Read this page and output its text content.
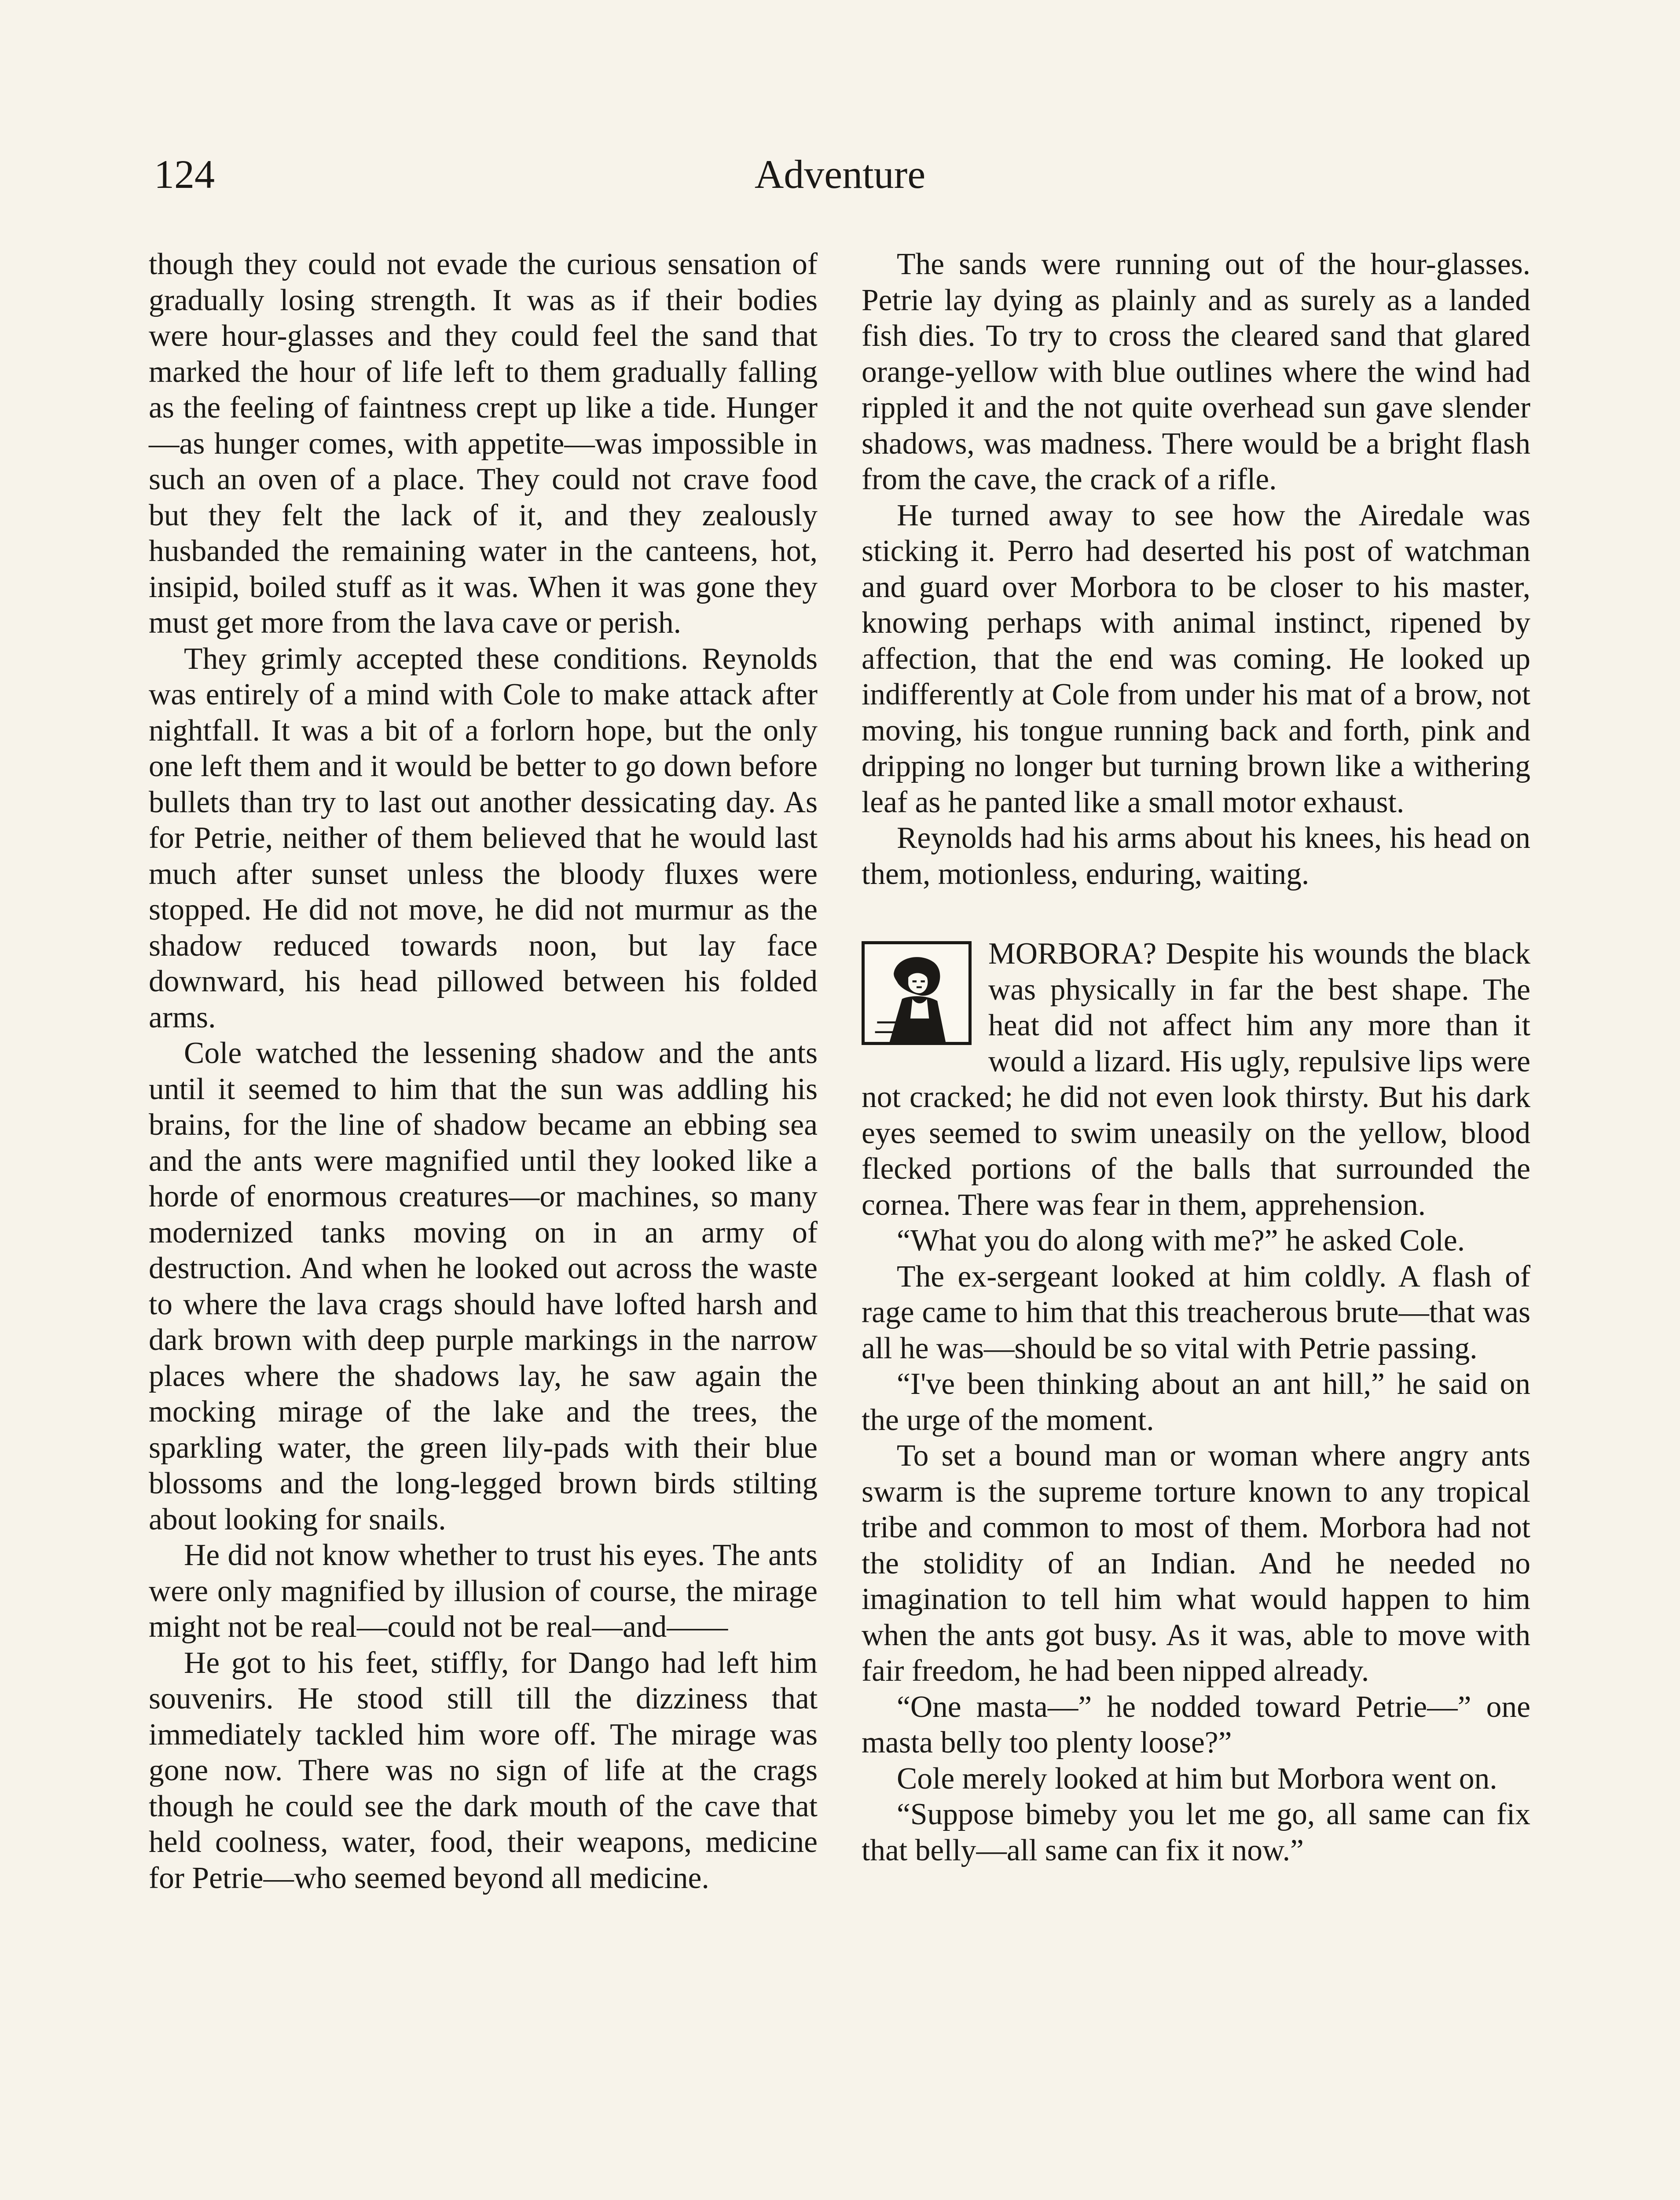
124	Adventure

though they could not evade the curious sensation of gradually losing strength. It was as if their bodies were hour-glasses and they could feel the sand that marked the hour of life left to them gradually falling as the feeling of faintness crept up like a tide. Hunger—as hunger comes, with appetite—was impossible in such an oven of a place. They could not crave food but they felt the lack of it, and they zealously husbanded the remaining water in the canteens, hot, insipid, boiled stuff as it was. When it was gone they must get more from the lava cave or perish.

They grimly accepted these conditions. Reynolds was entirely of a mind with Cole to make attack after nightfall. It was a bit of a forlorn hope, but the only one left them and it would be better to go down before bullets than try to last out another dessicating day. As for Petrie, neither of them believed that he would last much after sunset unless the bloody fluxes were stopped. He did not move, he did not murmur as the shadow reduced towards noon, but lay face downward, his head pillowed between his folded arms.

Cole watched the lessening shadow and the ants until it seemed to him that the sun was addling his brains, for the line of shadow became an ebbing sea and the ants were magnified until they looked like a horde of enormous creatures—or machines, so many modernized tanks moving on in an army of destruction. And when he looked out across the waste to where the lava crags should have lofted harsh and dark brown with deep purple markings in the narrow places where the shadows lay, he saw again the mocking mirage of the lake and the trees, the sparkling water, the green lily-pads with their blue blossoms and the long-legged brown birds stilting about looking for snails.

He did not know whether to trust his eyes. The ants were only magnified by illusion of course, the mirage might not be real—could not be real—and——

He got to his feet, stiffly, for Dango had left him souvenirs. He stood still till the dizziness that immediately tackled him wore off. The mirage was gone now. There was no sign of life at the crags though he could see the dark mouth of the cave that held coolness, water, food, their weapons, medicine for Petrie—who seemed beyond all medicine.

The sands were running out of the hour-glasses. Petrie lay dying as plainly and as surely as a landed fish dies. To try to cross the cleared sand that glared orange-yellow with blue outlines where the wind had rippled it and the not quite overhead sun gave slender shadows, was madness. There would be a bright flash from the cave, the crack of a rifle.

He turned away to see how the Airedale was sticking it. Perro had deserted his post of watchman and guard over Morbora to be closer to his master, knowing perhaps with animal instinct, ripened by affection, that the end was coming. He looked up indifferently at Cole from under his mat of a brow, not moving, his tongue running back and forth, pink and dripping no longer but turning brown like a withering leaf as he panted like a small motor exhaust.

Reynolds had his arms about his knees, his head on them, motionless, enduring, waiting.

MORBORA? Despite his wounds the black was physically in far the best shape. The heat did not affect him any more than it would a lizard. His ugly, repulsive lips were not cracked; he did not even look thirsty. But his dark eyes seemed to swim uneasily on the yellow, blood flecked portions of the balls that surrounded the cornea. There was fear in them, apprehension.

“What you do along with me?” he asked Cole.

The ex-sergeant looked at him coldly. A flash of rage came to him that this treacherous brute—that was all he was—should be so vital with Petrie passing.

“I've been thinking about an ant hill,” he said on the urge of the moment.

To set a bound man or woman where angry ants swarm is the supreme torture known to any tropical tribe and common to most of them. Morbora had not the stolidity of an Indian. And he needed no imagination to tell him what would happen to him when the ants got busy. As it was, able to move with fair freedom, he had been nipped already.

“One masta—” he nodded toward Petrie—” one masta belly too plenty loose?”

Cole merely looked at him but Morbora went on.

“Suppose bimeby you let me go, all same can fix that belly—all same can fix it now.”
